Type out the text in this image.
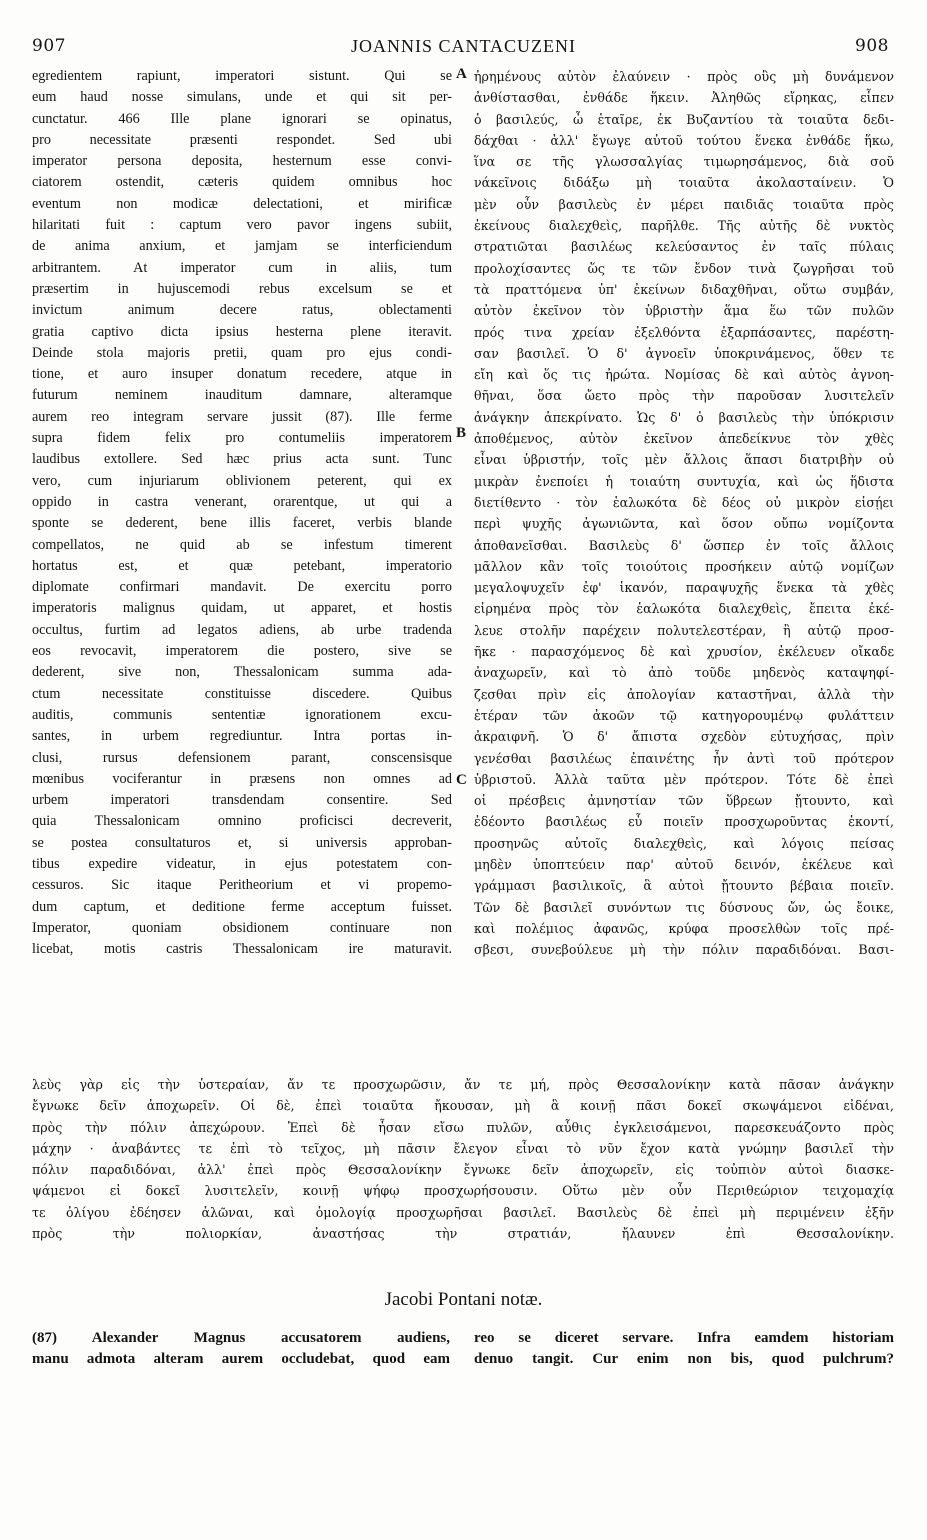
907	JOANNIS CANTACUZENI	908
egredientem rapiunt, imperatori sistunt. Qui se
eum haud nosse simulans, unde et qui sit per-
cunctatur. 466 Ille plane ignorari se opinatus,
pro necessitate præsenti respondet. Sed ubi
imperator persona deposita, hesternum esse convi-
ciatorem ostendit, cæteris quidem omnibus hoc
eventum non modicæ delectationi, et mirificæ
hilaritati fuit : captum vero pavor ingens subiit,
de anima anxium, et jamjam se interficiendum
arbitrantem. At imperator cum in aliis, tum
præsertim in hujuscemodi rebus excelsum se et
invictum animum decere ratus, oblectamenti
gratia captivo dicta ipsius hesterna plene iteravit.
Deinde stola majoris pretii, quam pro ejus condi-
tione, et auro insuper donatum recedere, atque in
futurum neminem inauditum damnare, alteramque
aurem reo integram servare jussit (87). Ille ferme
supra fidem felix pro contumeliis imperatorem
laudibus extollere. Sed hæc prius acta sunt. Tunc
vero, cum injuriarum oblivionem peterent, qui ex
oppido in castra venerant, orarentque, ut qui a
sponte se dederent, bene illis faceret, verbis blande
compellatos, ne quid ab se infestum timerent
hortatus est, et quæ petebant, imperatorio
diplomate confirmari mandavit. De exercitu porro
imperatoris malignus quidam, ut apparet, et hostis
occultus, furtim ad legatos adiens, ab urbe tradenda
eos revocavit, imperatorem die postero, sive se
dederent, sive non, Thessalonicam summa ada-
ctum necessitate constituisse discedere. Quibus
auditis, communis sententiæ ignorationem excu-
santes, in urbem regrediuntur. Intra portas in-
clusi, rursus defensionem parant, conscensisque
mœnibus vociferantur in præsens non omnes ad
urbem imperatori transdendam consentire. Sed
quia Thessalonicam omnino proficisci decreverit,
se postea consultaturos et, si universis approban-
tibus expedire videatur, in ejus potestatem con-
cessuros. Sic itaque Peritheorium et vi propemo-
dum captum, et deditione ferme acceptum fuisset.
Imperator, quoniam obsidionem continuare non
licebat, motis castris Thessalonicam ire maturavit.
A
B
C
ἠρημένους αὐτὸν ἐλαύνειν · πρὸς οὓς μὴ δυνάμενον
ἀνθίστασθαι, ἐνθάδε ἥκειν. Ἀληθῶς εἴρηκας, εἶπεν
ὁ βασιλεύς, ὦ ἑταῖρε, ἐκ Βυζαντίου τὰ τοιαῦτα δεδι-
δάχθαι · ἀλλ' ἔγωγε αὐτοῦ τούτου ἕνεκα ἐνθάδε ἥκω,
ἵνα σε τῆς γλωσσαλγίας τιμωρησάμενος, διὰ σοῦ
νάκεῖνοις διδάξω μὴ τοιαῦτα ἀκολασταίνειν. Ὁ
μὲν οὖν βασιλεὺς ἐν μέρει παιδιᾶς τοιαῦτα πρὸς
ἐκείνους διαλεχθεὶς, παρῆλθε. Τῆς αὐτῆς δὲ νυκτὸς
στρατιῶται βασιλέως κελεύσαντος ἐν ταῖς πύλαις
προλοχίσαντες ὥς τε τῶν ἔνδον τινὰ ζωγρῆσαι τοῦ
τὰ πραττόμενα ὑπ' ἐκείνων διδαχθῆναι, οὕτω συμβάν,
αὐτὸν ἐκεῖνον τὸν ὑβριστὴν ἅμα ἕω τῶν πυλῶν
πρός τινα χρείαν ἐξελθόντα ἐξαρπάσαντες, παρέστη-
σαν βασιλεῖ. Ὁ δ' ἀγνοεῖν ὑποκρινάμενος, ὅθεν τε
εἴη καὶ ὅς τις ἠρώτα. Νομίσας δὲ καὶ αὐτὸς ἀγνοη-
θῆναι, ὅσα ὤετο πρὸς τὴν παροῦσαν λυσιτελεῖν
ἀνάγκην ἀπεκρίνατο. Ὡς δ' ὁ βασιλεὺς τὴν ὑπόκρισιν
ἀποθέμενος, αὐτὸν ἐκεῖνον ἀπεδείκνυε τὸν χθὲς
εἶναι ὑβριστήν, τοῖς μὲν ἄλλοις ἅπασι διατριβὴν οὐ
μικρὰν ἐνεποίει ἡ τοιαύτη συντυχία, καὶ ὡς ἥδιστα
διετίθεντο · τὸν ἑαλωκότα δὲ δέος οὐ μικρὸν εἰσῄει
περὶ ψυχῆς ἀγωνιῶντα, καὶ ὅσον οὔπω νομίζοντα
ἀποθανεῖσθαι. Βασιλεὺς δ' ὥσπερ ἐν τοῖς ἄλλοις
μᾶλλον κἂν τοῖς τοιούτοις προσήκειν αὐτῷ νομίζων
μεγαλοψυχεῖν ἐφ' ἱκανόν, παραψυχῆς ἕνεκα τὰ χθὲς
εἰρημένα πρὸς τὸν ἑαλωκότα διαλεχθεὶς, ἔπειτα ἐκέ-
λευε στολῆν παρέχειν πολυτελεστέραν, ἢ αὐτῷ προσ-
ῆκε · παρασχόμενος δὲ καὶ χρυσίον, ἐκέλευεν οἴκαδε
ἀναχωρεῖν, καὶ τὸ ἀπὸ τοῦδε μηδενὸς καταψηφί-
ζεσθαι πρὶν εἰς ἀπολογίαν καταστῆναι, ἀλλὰ τὴν
ἑτέραν τῶν ἀκοῶν τῷ κατηγορουμένῳ φυλάττειν
ἀκραιφνῆ. Ὁ δ' ἄπιστα σχεδὸν εὐτυχήσας, πρὶν
γενέσθαι βασιλέως ἐπαινέτης ἦν ἀντὶ τοῦ πρότερον
ὑβριστοῦ. Ἀλλὰ ταῦτα μὲν πρότερον. Τότε δὲ ἐπεὶ
οἱ πρέσβεις ἀμνηστίαν τῶν ὕβρεων ᾔτουντο, καὶ
ἐδέοντο βασιλέως εὖ ποιεῖν προσχωροῦντας ἑκοντί,
προσηνῶς αὐτοῖς διαλεχθεὶς, καὶ λόγοις πείσας
μηδὲν ὑποπτεύειν παρ' αὐτοῦ δεινόν, ἐκέλευε καὶ
γράμμασι βασιλικοῖς, ἃ αὐτοὶ ᾔτουντο βέβαια ποιεῖν.
Τῶν δὲ βασιλεῖ συνόντων τις δύσνους ὤν, ὡς ἔοικε,
καὶ πολέμιος ἀφανῶς, κρύφα προσελθὼν τοῖς πρέ-
σβεσι, συνεβούλευε μὴ τὴν πόλιν παραδιδόναι. Βασι-
λεὺς γὰρ εἰς τὴν ὑστεραίαν, ἄν τε προσχωρῶσιν, ἄν τε μή, πρὸς Θεσσαλονίκην κατὰ πᾶσαν ἀνάγκην
ἔγνωκε δεῖν ἀποχωρεῖν. Οἱ δὲ, ἐπεὶ τοιαῦτα ἤκουσαν, μὴ ἃ κοινῇ πᾶσι δοκεῖ σκωψάμενοι εἰδέναι,
πρὸς τὴν πόλιν ἀπεχώρουν. Ἐπεὶ δὲ ἦσαν εἴσω πυλῶν, αὖθις ἐγκλεισάμενοι, παρεσκευάζοντο πρὸς
μάχην · ἀναβάντες τε ἐπὶ τὸ τεῖχος, μὴ πᾶσιν ἔλεγον εἶναι τὸ νῦν ἔχον κατὰ γνώμην βασιλεῖ τὴν
πόλιν παραδιδόναι, ἀλλ' ἐπεὶ πρὸς Θεσσαλονίκην ἔγνωκε δεῖν ἀποχωρεῖν, εἰς τοὐπιὸν αὐτοὶ διασκε-
ψάμενοι εἰ δοκεῖ λυσιτελεῖν, κοινῇ ψήφῳ προσχωρήσουσιν. Οὕτω μὲν οὖν Περιθεώριον τειχομαχίᾳ
τε ὀλίγου ἐδέησεν ἁλῶναι, καὶ ὁμολογίᾳ προσχωρῆσαι βασιλεῖ. Βασιλεὺς δὲ ἐπεὶ μὴ περιμένειν ἐξῆν
πρὸς τὴν πολιορκίαν, ἀναστήσας τὴν στρατιάν, ἤλαυνεν ἐπὶ Θεσσαλονίκην.
Jacobi Pontani notæ.
(87) Alexander Magnus accusatorem audiens,
manu admota alteram aurem occludebat, quod eam
reo se diceret servare. Infra eamdem historiam
denuo tangit. Cur enim non bis, quod pulchrum?
